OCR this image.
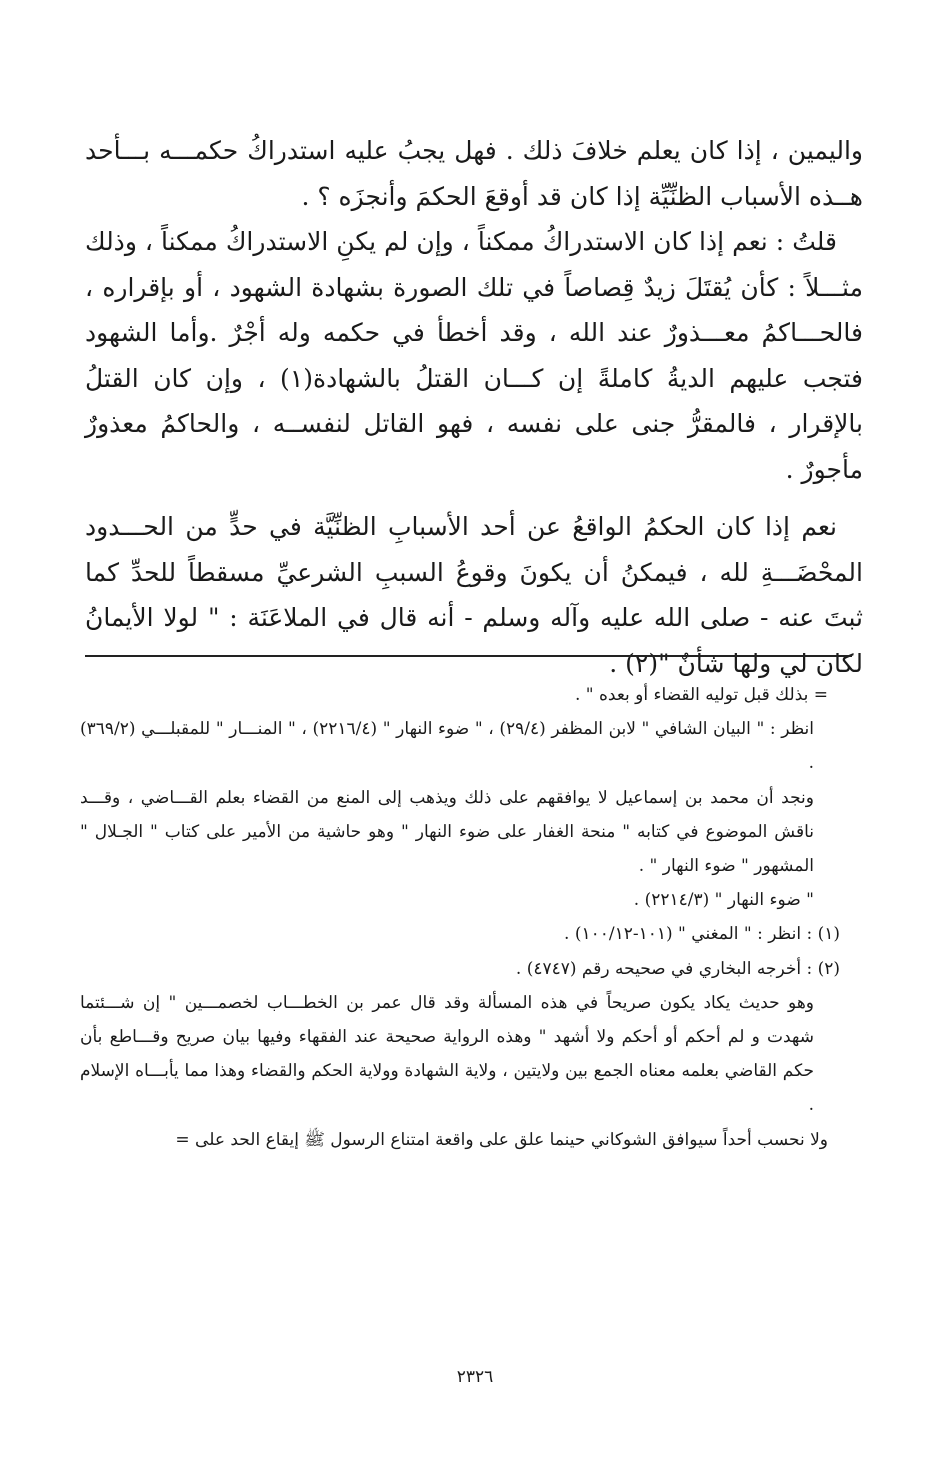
واليمين ، إذا كان يعلم خلافَ ذلك . فهل يجبُ عليه استدراكُ حكمـــه بـــأحد هــذه الأسباب الظنِّيِّة إذا كان قد أوقعَ الحكمَ وأنجزَه ؟ .

قلتُ : نعم إذا كان الاستدراكُ ممكناً ، وإن لم يكنِ الاستدراكُ ممكناً ، وذلك مثـــلاً : كأن يُقتَلَ زيدٌ قِصاصاً في تلك الصورة بشهادة الشهود ، أو بإقراره ، فالحـــاكمُ معـــذورٌ عند الله ، وقد أخطأ في حكمه وله أجْرٌ .وأما الشهود فتجب عليهم الديةُ كاملةً إن كـــان القتلُ بالشهادة(١) ، وإن كان القتلُ بالإقرار ، فالمقرُّ جنى على نفسه ، فهو القاتل لنفســه ، والحاكمُ معذورٌ مأجورٌ .

نعم إذا كان الحكمُ الواقعُ عن أحد الأسبابِ الظنِّيَّة في حدٍّ من الحـــدود المحْضَـــةِ لله ، فيمكنُ أن يكونَ وقوعُ السببِ الشرعيِّ مسقطاً للحدِّ كما ثبتَ عنه - صلى الله عليه وآله وسلم - أنه قال في الملاعَنَة : " لولا الأيمانُ لكان لي ولها شأنٌ "(٢) .

= بذلك قبل توليه القضاء أو بعده " .

انظر : " البيان الشافي " لابن المظفر (٢٩/٤) ، " ضوء النهار " (٢٢١٦/٤) ، " المنـــار " للمقبلـــي (٣٦٩/٢) .

ونجد أن محمد بن إسماعيل لا يوافقهم على ذلك ويذهب إلى المنع من القضاء بعلم القـــاضي ، وقـــد ناقش الموضوع في كتابه " منحة الغفار على ضوء النهار " وهو حاشية من الأمير على كتاب " الجـلال " المشهور " ضوء النهار " .

" ضوء النهار " (٢٢١٤/٣) .

(١) : انظر : " المغني " (١٠١-١٠٠/١٢) .

(٢) : أخرجه البخاري في صحيحه رقم (٤٧٤٧) .

وهو حديث يكاد يكون صريحاً في هذه المسألة وقد قال عمر بن الخطـــاب لخصمـــين " إن شـــئتما شهدت و لم أحكم أو أحكم ولا أشهد " وهذه الرواية صحيحة عند الفقهاء وفيها بيان صريح وقـــاطع بأن حكم القاضي بعلمه معناه الجمع بين ولايتين ، ولاية الشهادة وولاية الحكم والقضاء وهذا مما يأبـــاه الإسلام .

ولا نحسب أحداً سيوافق الشوكاني حينما علق على واقعة امتناع الرسول ﷺ إيقاع الحد على =

٢٣٢٦
